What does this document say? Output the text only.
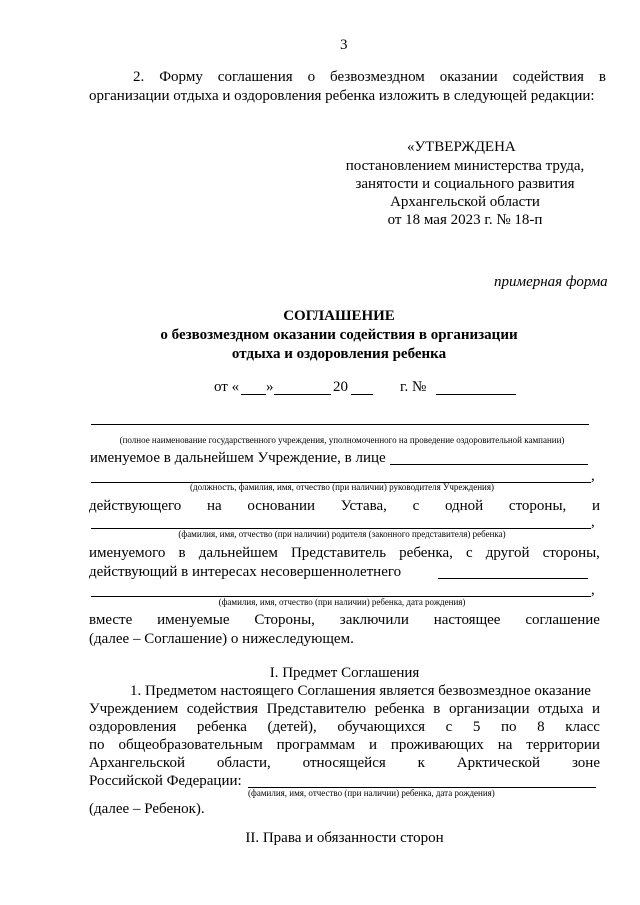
3
2. Форму соглашения о безвозмездном оказании содействия в
организации отдыха и оздоровления ребенка изложить в следующей редакции:
«УТВЕРЖДЕНА
постановлением министерства труда,
занятости и социального развития
Архангельской области
от 18 мая 2023 г. № 18-п
примерная форма
СОГЛАШЕНИЕ
о безвозмездном оказании содействия в организации
отдыха и оздоровления ребенка
от « »	20	г. №
(полное наименование государственного учреждения, уполномоченного на проведение оздоровительной кампании)
именуемое в дальнейшем Учреждение, в лице
,
(должность, фамилия, имя, отчество (при наличии) руководителя Учреждения)
действующего на основании Устава, с одной стороны, и
,
(фамилия, имя, отчество (при наличии) родителя (законного представителя) ребенка)
именуемого в дальнейшем Представитель ребенка, с другой стороны,
действующий в интересах несовершеннолетнего
,
(фамилия, имя, отчество (при наличии) ребенка, дата рождения)
вместе именуемые Стороны, заключили настоящее соглашение
(далее – Соглашение) о нижеследующем.
I. Предмет Соглашения
1. Предметом настоящего Соглашения является безвозмездное оказание
Учреждением содействия Представителю ребенка в организации отдыха и
оздоровления ребенка (детей), обучающихся с 5 по 8 класс
по общеобразовательным программам и проживающих на территории
Архангельской области, относящейся к Арктической зоне
Российской Федерации:
(фамилия, имя, отчество (при наличии) ребенка, дата рождения)
(далее – Ребенок).
II. Права и обязанности сторон
